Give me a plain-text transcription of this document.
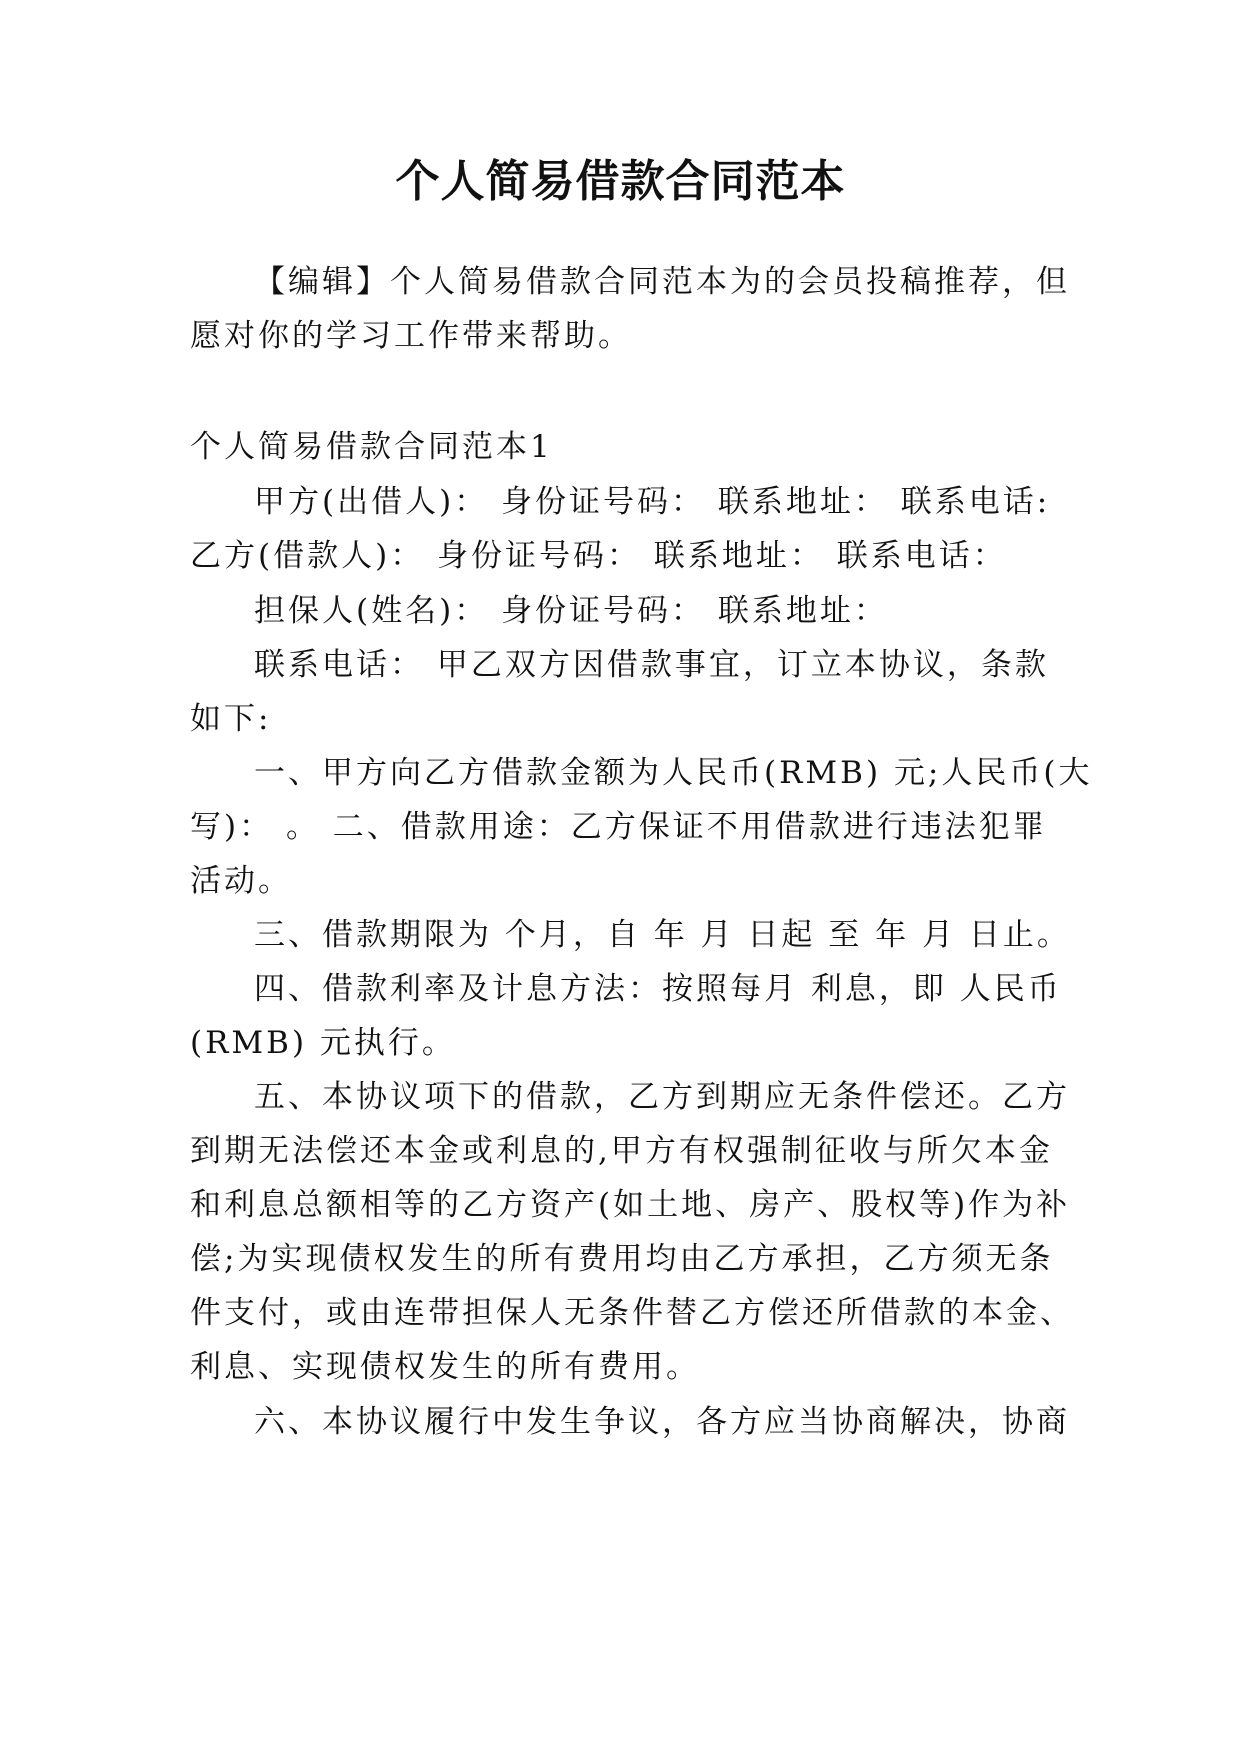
个人简易借款合同范本
【编辑】个人简易借款合同范本为的会员投稿推荐，但
愿对你的学习工作带来帮助。
个人简易借款合同范本1
甲方(出借人)： 身份证号码： 联系地址： 联系电话:
乙方(借款人)： 身份证号码： 联系地址： 联系电话：
担保人(姓名)： 身份证号码： 联系地址：
联系电话： 甲乙双方因借款事宜，订立本协议，条款
如下:
一、甲方向乙方借款金额为人民币(RMB) 元;人民币(大
写)： 。 二、借款用途：乙方保证不用借款进行违法犯罪
活动。
三、借款期限为 个月，自 年 月 日起 至 年 月 日止。
四、借款利率及计息方法：按照每月 利息，即 人民币
(RMB) 元执行。
五、本协议项下的借款，乙方到期应无条件偿还。乙方
到期无法偿还本金或利息的,甲方有权强制征收与所欠本金
和利息总额相等的乙方资产(如土地、房产、股权等)作为补
偿;为实现债权发生的所有费用均由乙方承担，乙方须无条
件支付，或由连带担保人无条件替乙方偿还所借款的本金、
利息、实现债权发生的所有费用。
六、本协议履行中发生争议，各方应当协商解决，协商
